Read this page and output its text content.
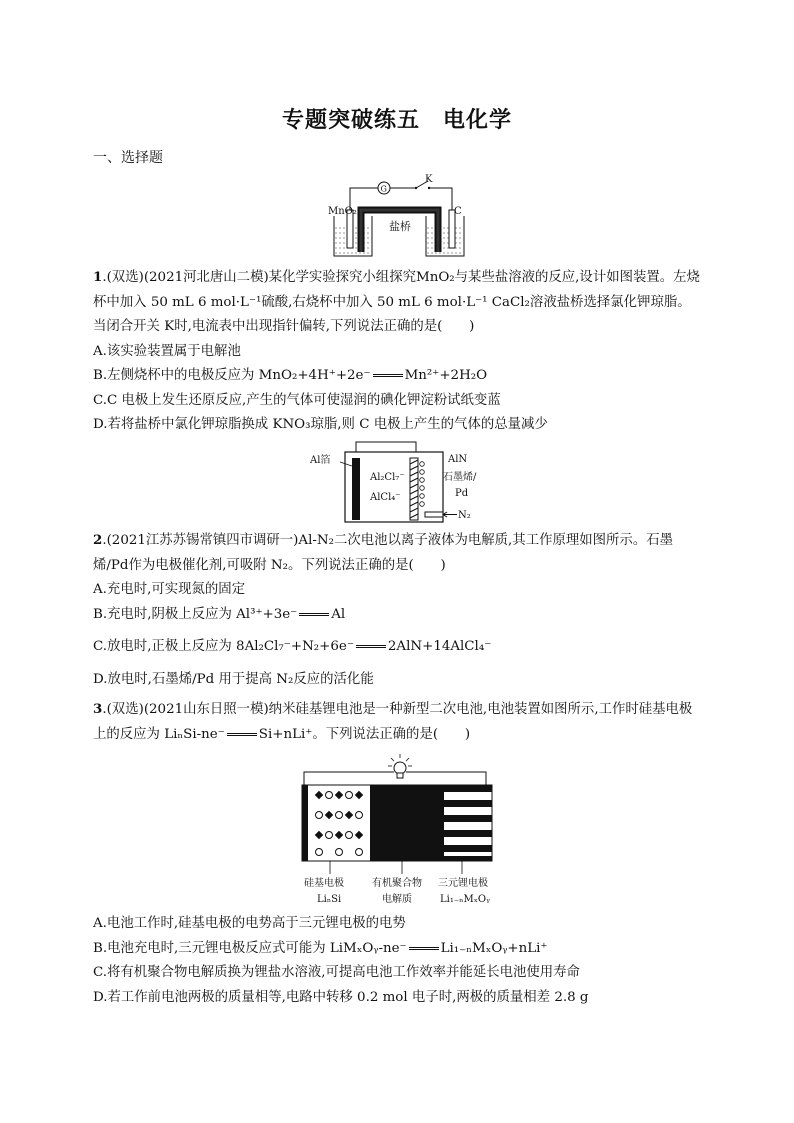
专题突破练五　电化学
一、选择题
G
K
MnO₂	C
盐桥

1.(双选)(2021河北唐山二模)某化学实验探究小组探究MnO₂与某些盐溶液的反应,设计如图装置。左烧杯中加入 50 mL 6 mol·L⁻¹硫酸,右烧杯中加入 50 mL 6 mol·L⁻¹ CaCl₂溶液盐桥选择氯化钾琼脂。当闭合开关 K时,电流表中出现指针偏转,下列说法正确的是(　　)

A.该实验装置属于电解池

B.左侧烧杯中的电极反应为 MnO₂+4H⁺+2e⁻	Mn²⁺+2H₂O

C.C 电极上发生还原反应,产生的气体可使湿润的碘化钾淀粉试纸变蓝

D.若将盐桥中氯化钾琼脂换成 KNO₃琼脂,则 C 电极上产生的气体的总量减少

N₂
Al箔
Al₂Cl₇⁻
AlCl₄⁻
AlN
石墨烯/
Pd

2.(2021江苏苏锡常镇四市调研一)Al-N₂二次电池以离子液体为电解质,其工作原理如图所示。石墨烯/Pd作为电极催化剂,可吸附 N₂。下列说法正确的是(　　)

A.充电时,可实现氮的固定

B.充电时,阴极上反应为 Al³⁺+3e⁻	Al

C.放电时,正极上反应为 8Al₂Cl₇⁻+N₂+6e⁻	2AlN+14AlCl₄⁻

D.放电时,石墨烯/Pd 用于提高 N₂反应的活化能

3.(双选)(2021山东日照一模)纳米硅基锂电池是一种新型二次电池,电池装置如图所示,工作时硅基电极上的反应为 LiₙSi-ne⁻	Si+nLi⁺。下列说法正确的是(　　)

硅基电极
LiₙSi
有机聚合物
电解质
三元锂电极
Li₁₋ₙMₓOᵧ

A.电池工作时,硅基电极的电势高于三元锂电极的电势

B.电池充电时,三元锂电极反应式可能为 LiMₓOᵧ-ne⁻	Li₁₋ₙMₓOᵧ+nLi⁺

C.将有机聚合物电解质换为锂盐水溶液,可提高电池工作效率并能延长电池使用寿命

D.若工作前电池两极的质量相等,电路中转移 0.2 mol 电子时,两极的质量相差 2.8 g
